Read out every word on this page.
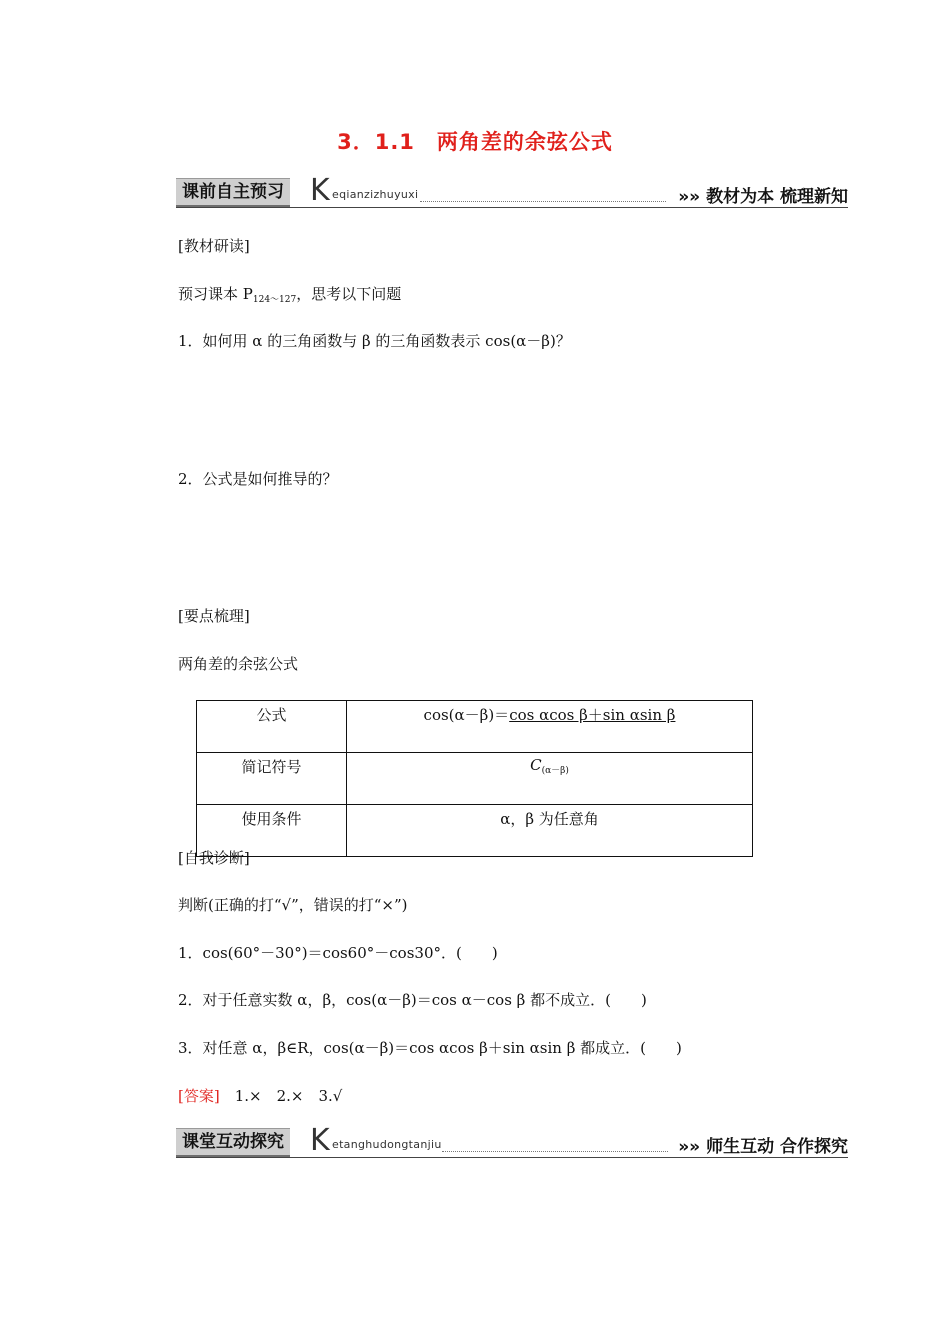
3．1.1　两角差的余弦公式
课前自主预习 K eqianzizhuyuxi	»» 教材为本 梳理新知
[教材研读]
预习课本 $P_{124\sim 127}$，思考以下问题
1．如何用 α 的三角函数与 β 的三角函数表示 cos(α－β)？
2．公式是如何推导的？
[要点梳理]
两角差的余弦公式
公式	cos(α－β)＝cos αcos β＋sin αsin β
简记符号	$C_{(\alpha-\beta)}$
使用条件	α，β 为任意角
[自我诊断]
判断(正确的打“√”，错误的打“×”)
1．cos(60°－30°)＝cos60°－cos30°．(　　)
2．对于任意实数 α，β，cos(α－β)＝cos α－cos β 都不成立．(　　)
3．对任意 α，β∈R，cos(α－β)＝cos αcos β＋sin αsin β 都成立．(　　)
[答案]　 1.×　2.×　3.√
课堂互动探究 K etanghudongtanjiu	»» 师生互动 合作探究
